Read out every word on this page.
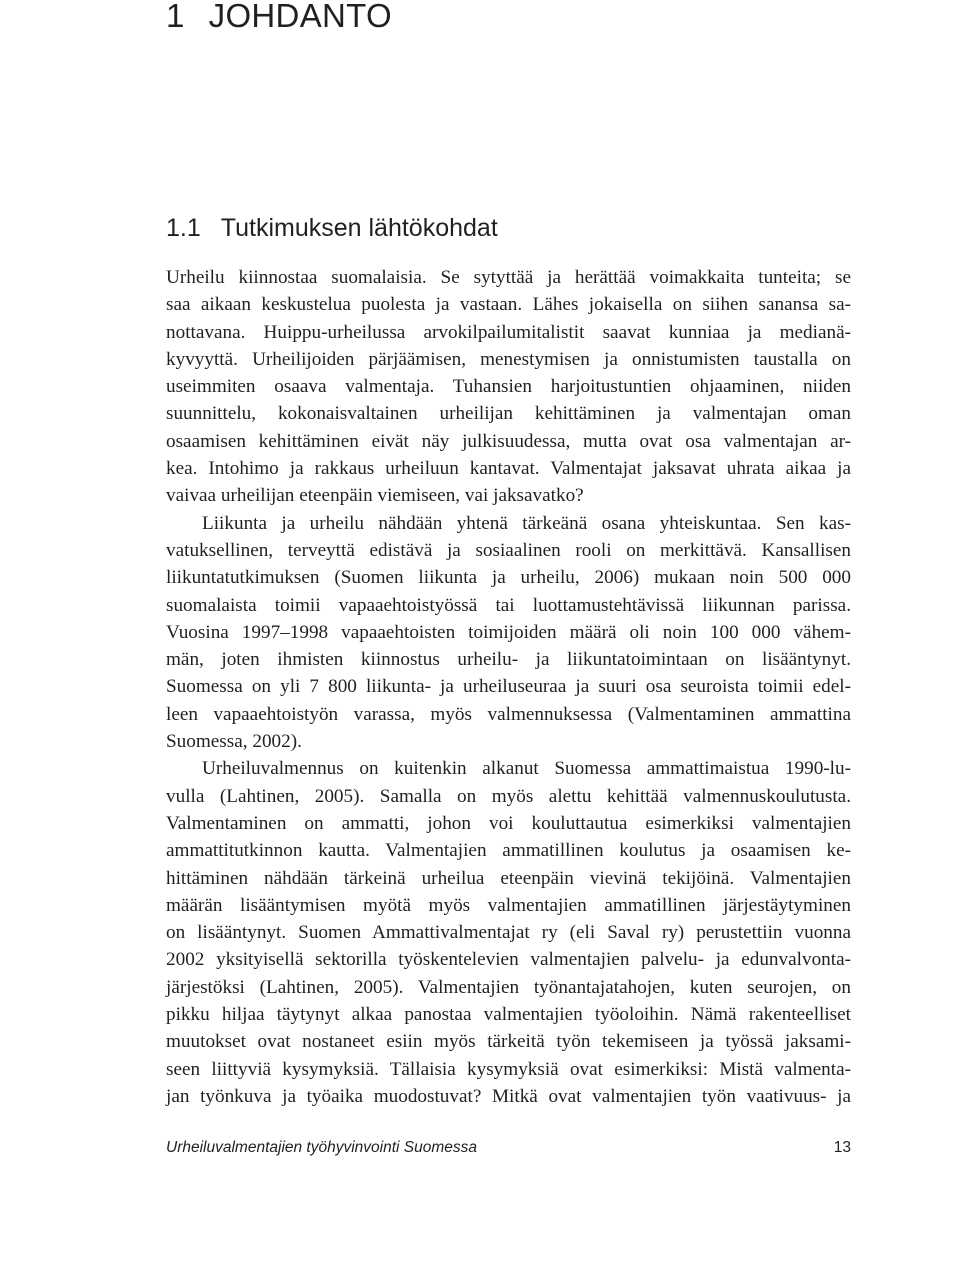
1 JOHDANTO
1.1 Tutkimuksen lähtökohdat
Urheilu kiinnostaa suomalaisia. Se sytyttää ja herättää voimakkaita tunteita; se
saa aikaan keskustelua puolesta ja vastaan. Lähes jokaisella on siihen sanansa sa-
nottavana. Huippu-urheilussa arvokilpailumitalistit saavat kunniaa ja medianä-
kyvyyttä. Urheilijoiden pärjäämisen, menestymisen ja onnistumisten taustalla on
useimmiten osaava valmentaja. Tuhansien harjoitustuntien ohjaaminen, niiden
suunnittelu, kokonaisvaltainen urheilijan kehittäminen ja valmentajan oman
osaamisen kehittäminen eivät näy julkisuudessa, mutta ovat osa valmentajan ar-
kea. Intohimo ja rakkaus urheiluun kantavat. Valmentajat jaksavat uhrata aikaa ja
vaivaa urheilijan eteenpäin viemiseen, vai jaksavatko?
Liikunta ja urheilu nähdään yhtenä tärkeänä osana yhteiskuntaa. Sen kas-
vatuksellinen, terveyttä edistävä ja sosiaalinen rooli on merkittävä. Kansallisen
liikuntatutkimuksen (Suomen liikunta ja urheilu, 2006) mukaan noin 500 000
suomalaista toimii vapaaehtoistyössä tai luottamustehtävissä liikunnan parissa.
Vuosina 1997–1998 vapaaehtoisten toimijoiden määrä oli noin 100 000 vähem-
män, joten ihmisten kiinnostus urheilu- ja liikuntatoimintaan on lisääntynyt.
Suomessa on yli 7 800 liikunta- ja urheiluseuraa ja suuri osa seuroista toimii edel-
leen vapaaehtoistyön varassa, myös valmennuksessa (Valmentaminen ammattina
Suomessa, 2002).
Urheiluvalmennus on kuitenkin alkanut Suomessa ammattimaistua 1990-lu-
vulla (Lahtinen, 2005). Samalla on myös alettu kehittää valmennuskoulutusta.
Valmentaminen on ammatti, johon voi kouluttautua esimerkiksi valmentajien
ammattitutkinnon kautta. Valmentajien ammatillinen koulutus ja osaamisen ke-
hittäminen nähdään tärkeinä urheilua eteenpäin vievinä tekijöinä. Valmentajien
määrän lisääntymisen myötä myös valmentajien ammatillinen järjestäytyminen
on lisääntynyt. Suomen Ammattivalmentajat ry (eli Saval ry) perustettiin vuonna
2002 yksityisellä sektorilla työskentelevien valmentajien palvelu- ja edunvalvonta-
järjestöksi (Lahtinen, 2005). Valmentajien työnantajatahojen, kuten seurojen, on
pikku hiljaa täytynyt alkaa panostaa valmentajien työoloihin. Nämä rakenteelliset
muutokset ovat nostaneet esiin myös tärkeitä työn tekemiseen ja työssä jaksami-
seen liittyviä kysymyksiä. Tällaisia kysymyksiä ovat esimerkiksi: Mistä valmenta-
jan työnkuva ja työaika muodostuvat? Mitkä ovat valmentajien työn vaativuus- ja
Urheiluvalmentajien työhyvinvointi Suomessa	13
